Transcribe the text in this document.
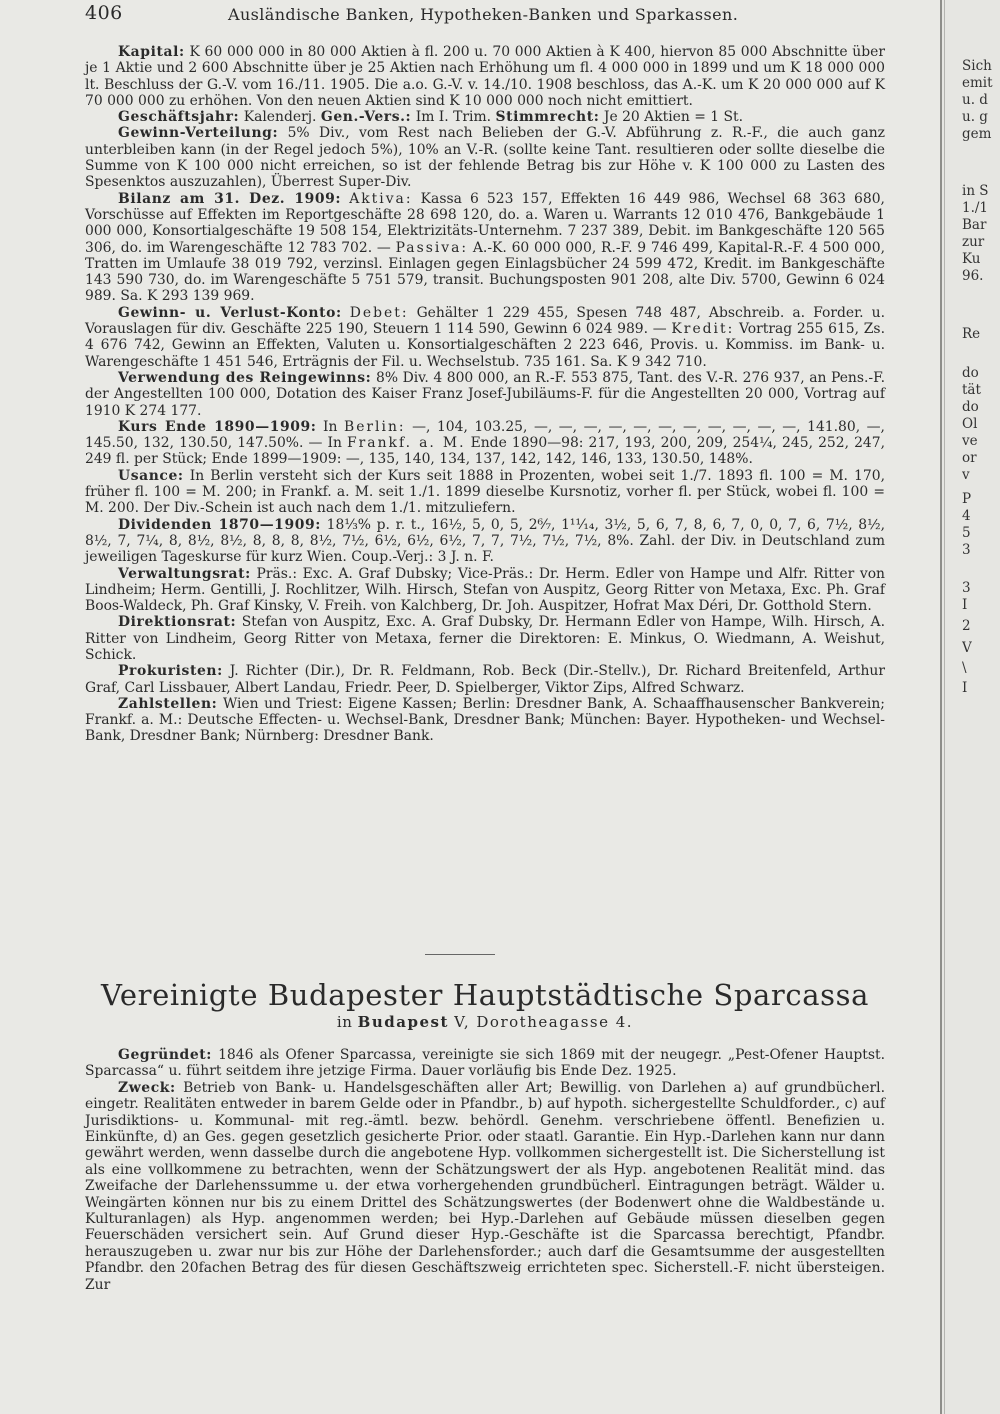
406	Ausländische Banken, Hypotheken-Banken und Sparkassen.

Kapital: K 60 000 000 in 80 000 Aktien à fl. 200 u. 70 000 Aktien à K 400, hiervon 85 000 Abschnitte über je 1 Aktie und 2 600 Abschnitte über je 25 Aktien nach Erhöhung um fl. 4 000 000 in 1899 und um K 18 000 000 lt. Beschluss der G.-V. vom 16./11. 1905. Die a.o. G.-V. v. 14./10. 1908 beschloss, das A.-K. um K 20 000 000 auf K 70 000 000 zu erhöhen. Von den neuen Aktien sind K 10 000 000 noch nicht emittiert.

Geschäftsjahr: Kalenderj. Gen.-Vers.: Im I. Trim. Stimmrecht: Je 20 Aktien = 1 St.

Gewinn-Verteilung: 5% Div., vom Rest nach Belieben der G.-V. Abführung z. R.-F., die auch ganz unterbleiben kann (in der Regel jedoch 5%), 10% an V.-R. (sollte keine Tant. resultieren oder sollte dieselbe die Summe von K 100 000 nicht erreichen, so ist der fehlende Betrag bis zur Höhe v. K 100 000 zu Lasten des Spesenktos auszuzahlen), Überrest Super-Div.

Bilanz am 31. Dez. 1909: Aktiva: Kassa 6 523 157, Effekten 16 449 986, Wechsel 68 363 680, Vorschüsse auf Effekten im Reportgeschäfte 28 698 120, do. a. Waren u. Warrants 12 010 476, Bankgebäude 1 000 000, Konsortialgeschäfte 19 508 154, Elektrizitäts-Unternehm. 7 237 389, Debit. im Bankgeschäfte 120 565 306, do. im Warengeschäfte 12 783 702. — Passiva: A.-K. 60 000 000, R.-F. 9 746 499, Kapital-R.-F. 4 500 000, Tratten im Umlaufe 38 019 792, verzinsl. Einlagen gegen Einlagsbücher 24 599 472, Kredit. im Bankgeschäfte 143 590 730, do. im Warengeschäfte 5 751 579, transit. Buchungsposten 901 208, alte Div. 5700, Gewinn 6 024 989. Sa. K 293 139 969.

Gewinn- u. Verlust-Konto: Debet: Gehälter 1 229 455, Spesen 748 487, Abschreib. a. Forder. u. Vorauslagen für div. Geschäfte 225 190, Steuern 1 114 590, Gewinn 6 024 989. — Kredit: Vortrag 255 615, Zs. 4 676 742, Gewinn an Effekten, Valuten u. Konsortialgeschäften 2 223 646, Provis. u. Kommiss. im Bank- u. Warengeschäfte 1 451 546, Erträgnis der Fil. u. Wechselstub. 735 161. Sa. K 9 342 710.

Verwendung des Reingewinns: 8% Div. 4 800 000, an R.-F. 553 875, Tant. des V.-R. 276 937, an Pens.-F. der Angestellten 100 000, Dotation des Kaiser Franz Josef-Jubiläums-F. für die Angestellten 20 000, Vortrag auf 1910 K 274 177.

Kurs Ende 1890—1909: In Berlin: —, 104, 103.25, —, —, —, —, —, —, —, —, —, —, —, 141.80, —, 145.50, 132, 130.50, 147.50%. — In Frankf. a. M. Ende 1890—98: 217, 193, 200, 209, 254¼, 245, 252, 247, 249 fl. per Stück; Ende 1899—1909: —, 135, 140, 134, 137, 142, 142, 146, 133, 130.50, 148%.

Usance: In Berlin versteht sich der Kurs seit 1888 in Prozenten, wobei seit 1./7. 1893 fl. 100 = M. 170, früher fl. 100 = M. 200; in Frankf. a. M. seit 1./1. 1899 dieselbe Kursnotiz, vorher fl. per Stück, wobei fl. 100 = M. 200. Der Div.-Schein ist auch nach dem 1./1. mitzuliefern.

Dividenden 1870—1909: 18⅓% p. r. t., 16½, 5, 0, 5, 2⁶⁄₇, 1¹¹⁄₁₄, 3½, 5, 6, 7, 8, 6, 7, 0, 0, 7, 6, 7½, 8½, 8½, 7, 7¼, 8, 8½, 8½, 8, 8, 8, 8½, 7½, 6½, 6½, 6½, 7, 7, 7½, 7½, 7½, 8%. Zahl. der Div. in Deutschland zum jeweiligen Tageskurse für kurz Wien. Coup.-Verj.: 3 J. n. F.

Verwaltungsrat: Präs.: Exc. A. Graf Dubsky; Vice-Präs.: Dr. Herm. Edler von Hampe und Alfr. Ritter von Lindheim; Herm. Gentilli, J. Rochlitzer, Wilh. Hirsch, Stefan von Auspitz, Georg Ritter von Metaxa, Exc. Ph. Graf Boos-Waldeck, Ph. Graf Kinsky, V. Freih. von Kalchberg, Dr. Joh. Auspitzer, Hofrat Max Déri, Dr. Gotthold Stern.

Direktionsrat: Stefan von Auspitz, Exc. A. Graf Dubsky, Dr. Hermann Edler von Hampe, Wilh. Hirsch, A. Ritter von Lindheim, Georg Ritter von Metaxa, ferner die Direktoren: E. Minkus, O. Wiedmann, A. Weishut, Schick.

Prokuristen: J. Richter (Dir.), Dr. R. Feldmann, Rob. Beck (Dir.-Stellv.), Dr. Richard Breitenfeld, Arthur Graf, Carl Lissbauer, Albert Landau, Friedr. Peer, D. Spielberger, Viktor Zips, Alfred Schwarz.

Zahlstellen: Wien und Triest: Eigene Kassen; Berlin: Dresdner Bank, A. Schaaffhausenscher Bankverein; Frankf. a. M.: Deutsche Effecten- u. Wechsel-Bank, Dresdner Bank; München: Bayer. Hypotheken- und Wechsel-Bank, Dresdner Bank; Nürnberg: Dresdner Bank.

Vereinigte Budapester Hauptstädtische Sparcassa
in Budapest V, Dorotheagasse 4.

Gegründet: 1846 als Ofener Sparcassa, vereinigte sie sich 1869 mit der neugegr. „Pest-Ofener Hauptst. Sparcassa“ u. führt seitdem ihre jetzige Firma. Dauer vorläufig bis Ende Dez. 1925.

Zweck: Betrieb von Bank- u. Handelsgeschäften aller Art; Bewillig. von Darlehen a) auf grundbücherl. eingetr. Realitäten entweder in barem Gelde oder in Pfandbr., b) auf hypoth. sichergestellte Schuldforder., c) auf Jurisdiktions- u. Kommunal- mit reg.-ämtl. bezw. behördl. Genehm. verschriebene öffentl. Benefizien u. Einkünfte, d) an Ges. gegen gesetzlich gesicherte Prior. oder staatl. Garantie. Ein Hyp.-Darlehen kann nur dann gewährt werden, wenn dasselbe durch die angebotene Hyp. vollkommen sichergestellt ist. Die Sicherstellung ist als eine vollkommene zu betrachten, wenn der Schätzungswert der als Hyp. angebotenen Realität mind. das Zweifache der Darlehenssumme u. der etwa vorhergehenden grundbücherl. Eintragungen beträgt. Wälder u. Weingärten können nur bis zu einem Drittel des Schätzungswertes (der Bodenwert ohne die Waldbestände u. Kulturanlagen) als Hyp. angenommen werden; bei Hyp.-Darlehen auf Gebäude müssen dieselben gegen Feuerschäden versichert sein. Auf Grund dieser Hyp.-Geschäfte ist die Sparcassa berechtigt, Pfandbr. herauszugeben u. zwar nur bis zur Höhe der Darlehensforder.; auch darf die Gesamtsumme der ausgestellten Pfandbr. den 20fachen Betrag des für diesen Geschäftszweig errichteten spec. Sicherstell.-F. nicht übersteigen. Zur

Sich
emit
u. d
u. g
gem
in S
1./1
Bar
zur
Ku
96.
Re
do
tät
do
Ol
ve
or
v
P
4
5
3
3
I
2
V
\
I
